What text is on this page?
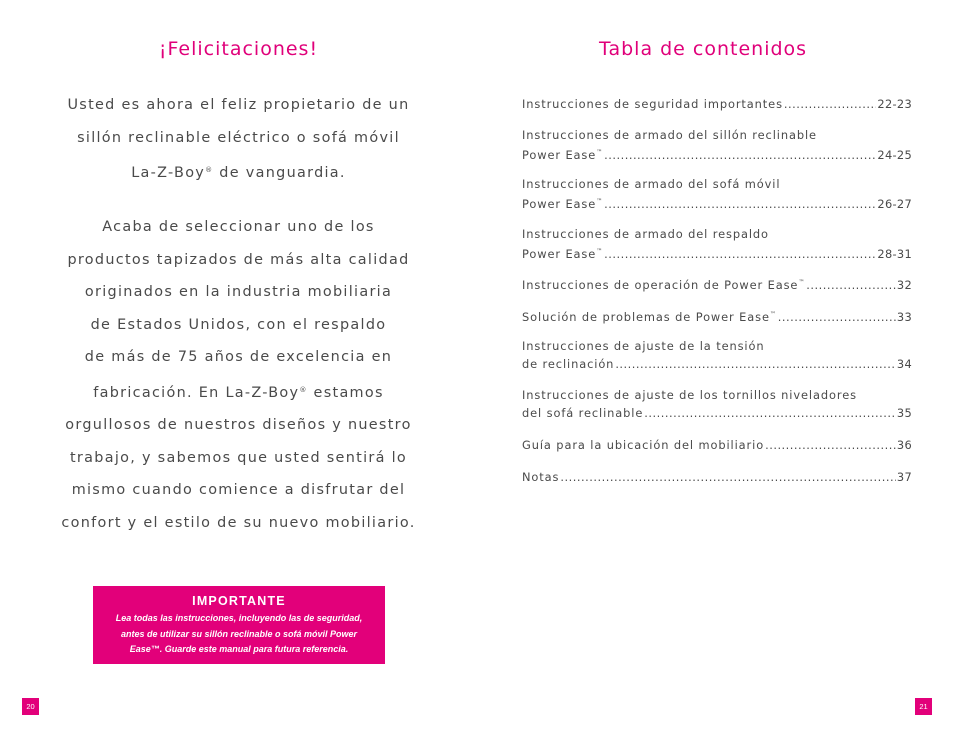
¡Felicitaciones!
Usted es ahora el feliz propietario de un
sillón reclinable eléctrico o sofá móvil
La-Z-Boy® de vanguardia.
Acaba de seleccionar uno de los
productos tapizados de más alta calidad
originados en la industria mobiliaria
de Estados Unidos, con el respaldo
de más de 75 años de excelencia en
fabricación. En La-Z-Boy® estamos
orgullosos de nuestros diseños y nuestro
trabajo, y sabemos que usted sentirá lo
mismo cuando comience a disfrutar del
confort y el estilo de su nuevo mobiliario.
IMPORTANTE
Lea todas las instrucciones, incluyendo las de seguridad,
antes de utilizar su sillón reclinable o sofá móvil Power
Ease™. Guarde este manual para futura referencia.
20
Tabla de contenidos
Instrucciones de seguridad importantes .....	22-23
Instrucciones de armado del sillón reclinable
Power Ease™ .....	24-25
Instrucciones de armado del sofá móvil
Power Ease™ .....	26-27
Instrucciones de armado del respaldo
Power Ease™ .....	28-31
Instrucciones de operación de Power Ease™ .....	32
Solución de problemas de Power Ease™ .....	33
Instrucciones de ajuste de la tensión
de reclinación .....	34
Instrucciones de ajuste de los tornillos niveladores
del sofá reclinable .....	35
Guía para la ubicación del mobiliario .....	36
Notas .....	37
21
